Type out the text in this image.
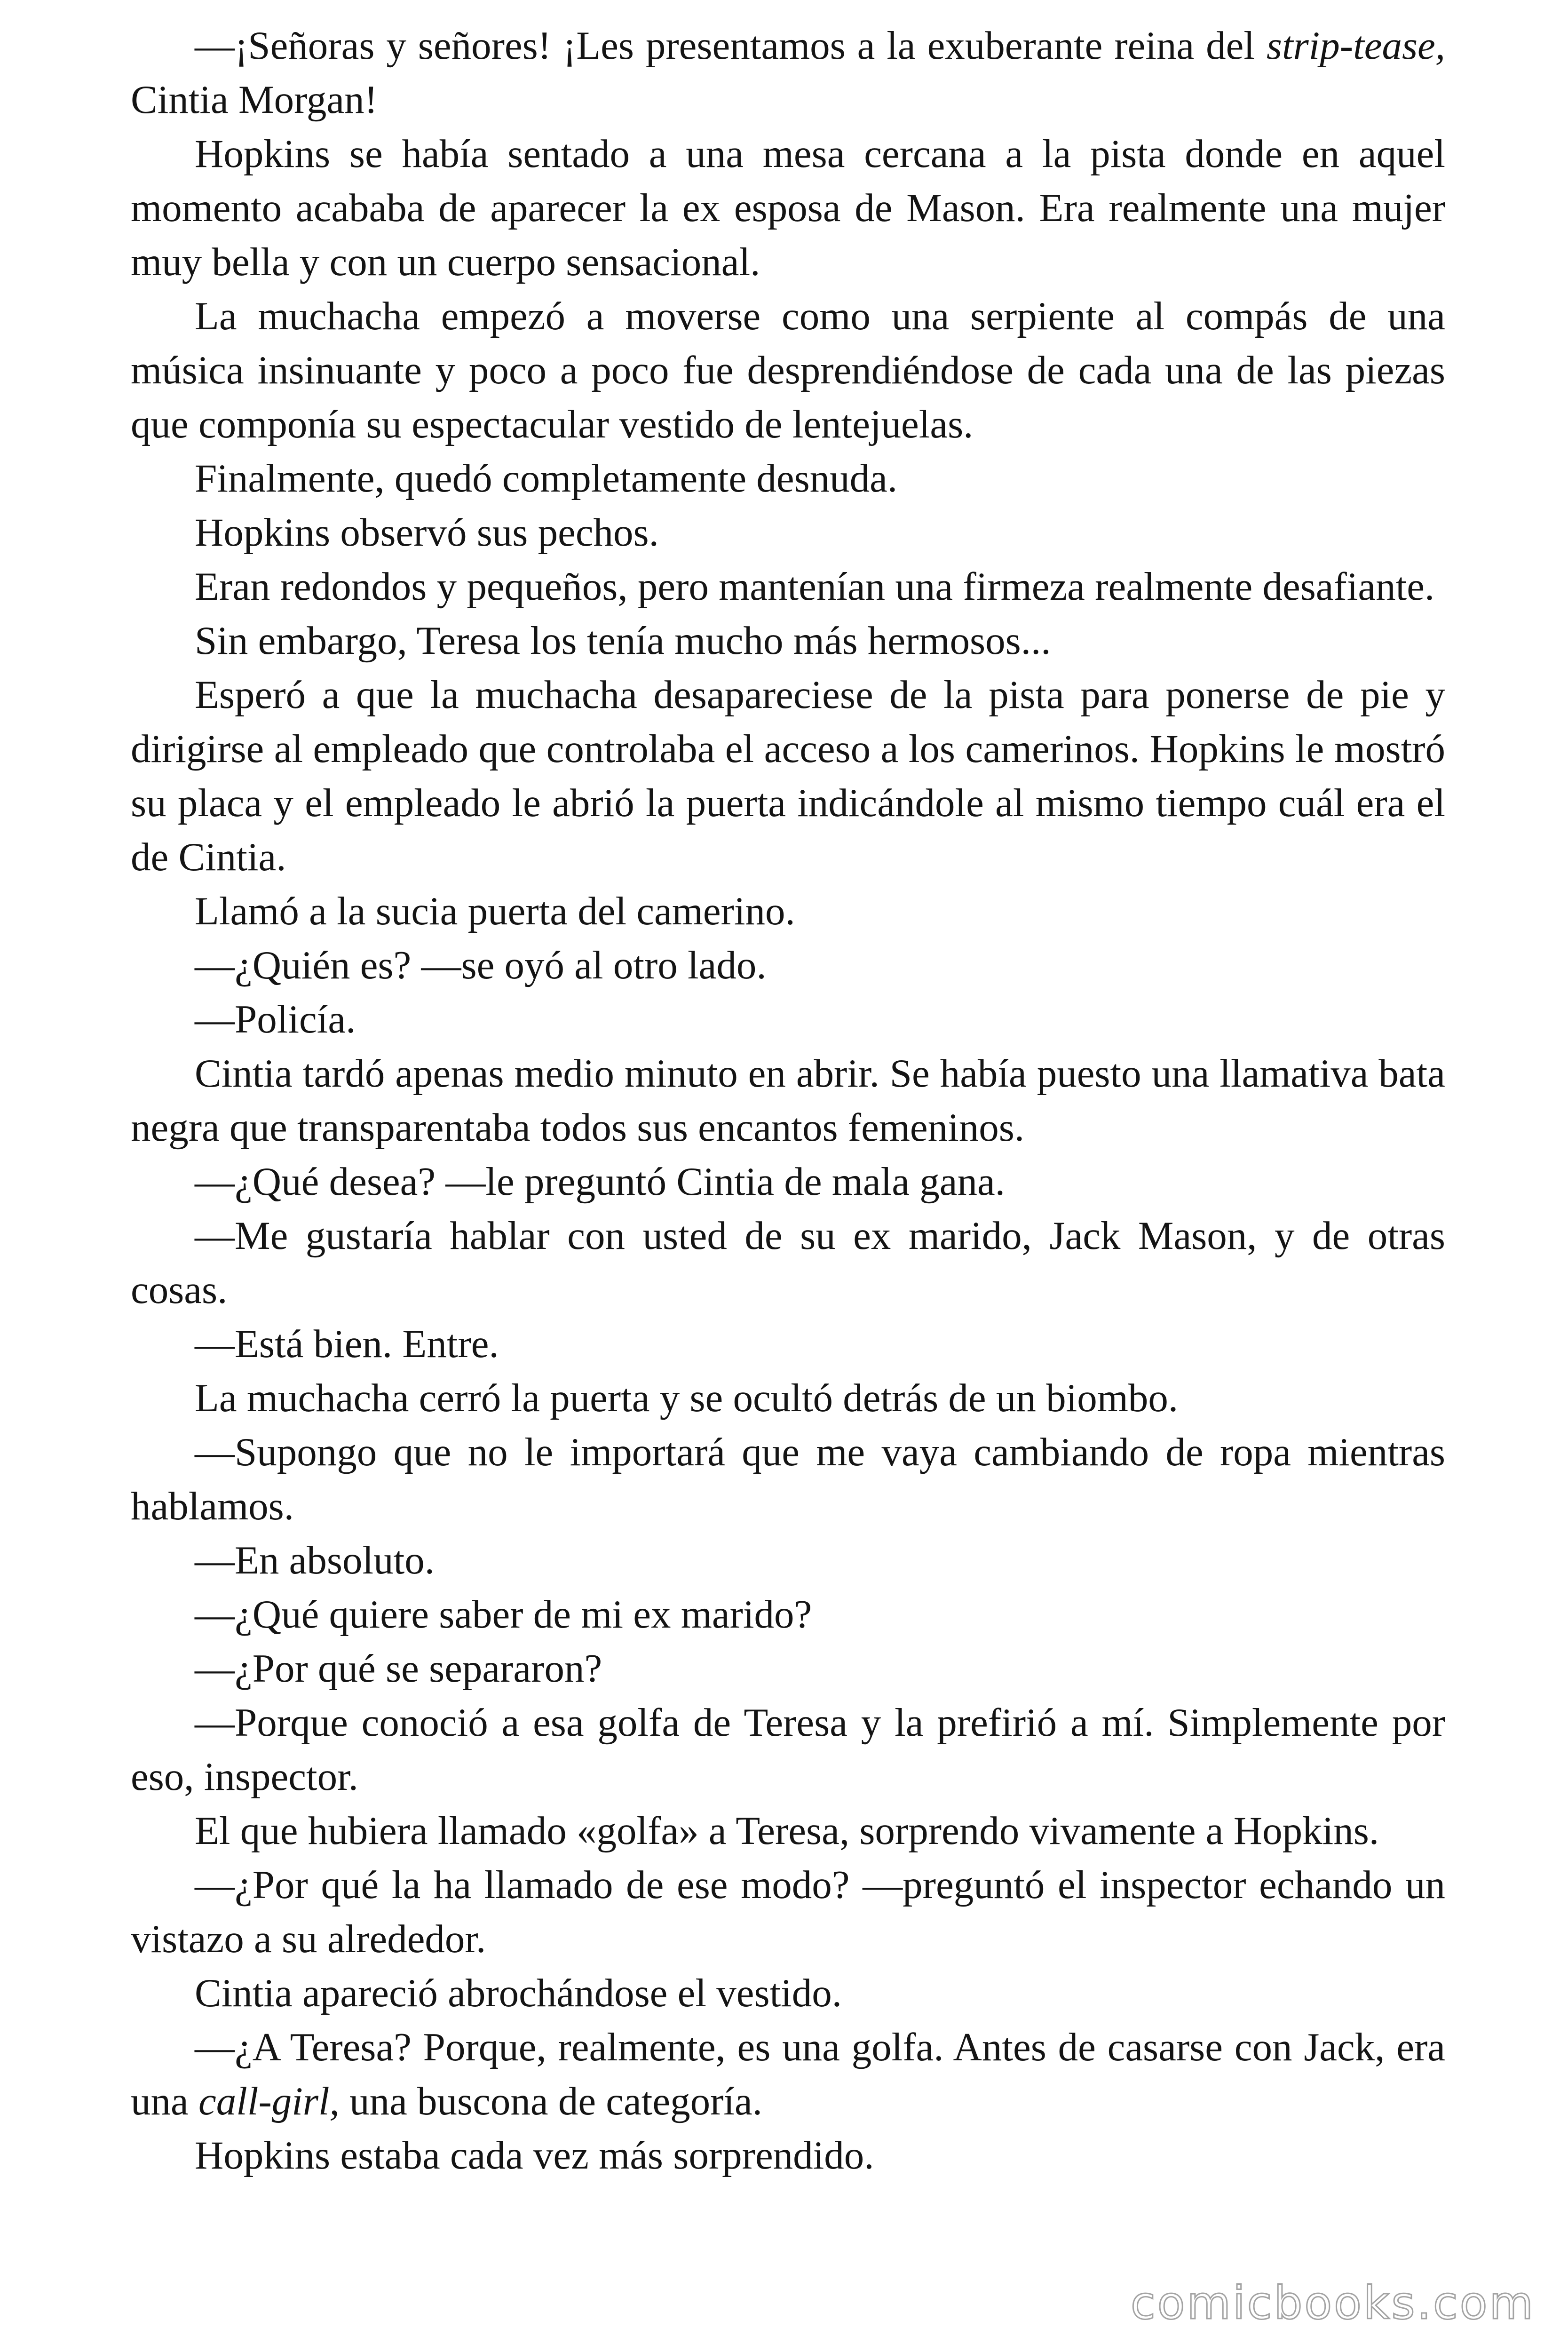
—¡Señoras y señores! ¡Les presentamos a la exuberante reina del strip-tease, Cintia Morgan!

Hopkins se había sentado a una mesa cercana a la pista donde en aquel momento acababa de aparecer la ex esposa de Mason. Era realmente una mujer muy bella y con un cuerpo sensacional.

La muchacha empezó a moverse como una serpiente al compás de una música insinuante y poco a poco fue desprendiéndose de cada una de las piezas que componía su espectacular vestido de lentejuelas.

Finalmente, quedó completamente desnuda.

Hopkins observó sus pechos.

Eran redondos y pequeños, pero mantenían una firmeza realmente desafiante.

Sin embargo, Teresa los tenía mucho más hermosos...

Esperó a que la muchacha desapareciese de la pista para ponerse de pie y dirigirse al empleado que controlaba el acceso a los camerinos. Hopkins le mostró su placa y el empleado le abrió la puerta indicándole al mismo tiempo cuál era el de Cintia.

Llamó a la sucia puerta del camerino.

—¿Quién es? —se oyó al otro lado.

—Policía.

Cintia tardó apenas medio minuto en abrir. Se había puesto una llamativa bata negra que transparentaba todos sus encantos femeninos.

—¿Qué desea? —le preguntó Cintia de mala gana.

—Me gustaría hablar con usted de su ex marido, Jack Mason, y de otras cosas.

—Está bien. Entre.

La muchacha cerró la puerta y se ocultó detrás de un biombo.

—Supongo que no le importará que me vaya cambiando de ropa mientras hablamos.

—En absoluto.

—¿Qué quiere saber de mi ex marido?

—¿Por qué se separaron?

—Porque conoció a esa golfa de Teresa y la prefirió a mí. Simplemente por eso, inspector.

El que hubiera llamado «golfa» a Teresa, sorprendo vivamente a Hopkins.

—¿Por qué la ha llamado de ese modo? —preguntó el inspector echando un vistazo a su alrededor.

Cintia apareció abrochándose el vestido.

—¿A Teresa? Porque, realmente, es una golfa. Antes de casarse con Jack, era una call-girl, una buscona de categoría.

Hopkins estaba cada vez más sorprendido.

comicbooks.com
